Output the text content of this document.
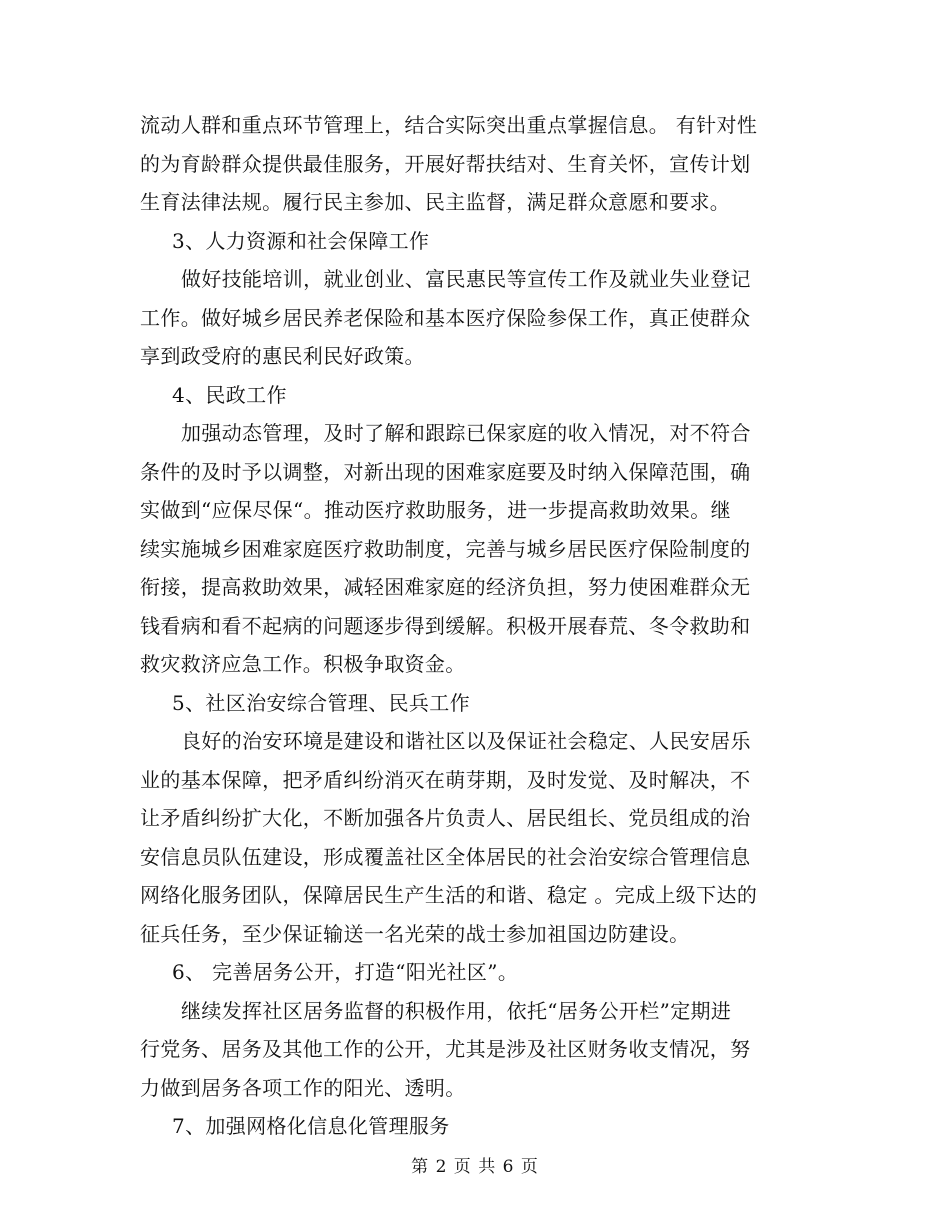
流动人群和重点环节管理上，结合实际突出重点掌握信息。 有针对性
的为育龄群众提供最佳服务，开展好帮扶结对、生育关怀，宣传计划
生育法律法规。履行民主参加、民主监督，满足群众意愿和要求。
3、人力资源和社会保障工作
做好技能培训，就业创业、富民惠民等宣传工作及就业失业登记
工作。做好城乡居民养老保险和基本医疗保险参保工作，真正使群众
享到政受府的惠民利民好政策。
4、民政工作
加强动态管理，及时了解和跟踪已保家庭的收入情况，对不符合
条件的及时予以调整，对新出现的困难家庭要及时纳入保障范围，确
实做到“应保尽保“。推动医疗救助服务，进一步提高救助效果。继
续实施城乡困难家庭医疗救助制度，完善与城乡居民医疗保险制度的
衔接，提高救助效果，减轻困难家庭的经济负担，努力使困难群众无
钱看病和看不起病的问题逐步得到缓解。积极开展春荒、冬令救助和
救灾救济应急工作。积极争取资金。
5、社区治安综合管理、民兵工作
良好的治安环境是建设和谐社区以及保证社会稳定、人民安居乐
业的基本保障，把矛盾纠纷消灭在萌芽期，及时发觉、及时解决，不
让矛盾纠纷扩大化，不断加强各片负责人、居民组长、党员组成的治
安信息员队伍建设，形成覆盖社区全体居民的社会治安综合管理信息
网络化服务团队，保障居民生产生活的和谐、稳定 。完成上级下达的
征兵任务，至少保证输送一名光荣的战士参加祖国边防建设。
6、 完善居务公开，打造“阳光社区”。
继续发挥社区居务监督的积极作用，依托“居务公开栏”定期进
行党务、居务及其他工作的公开，尤其是涉及社区财务收支情况，努
力做到居务各项工作的阳光、透明。
7、加强网格化信息化管理服务
第 2 页 共 6 页
